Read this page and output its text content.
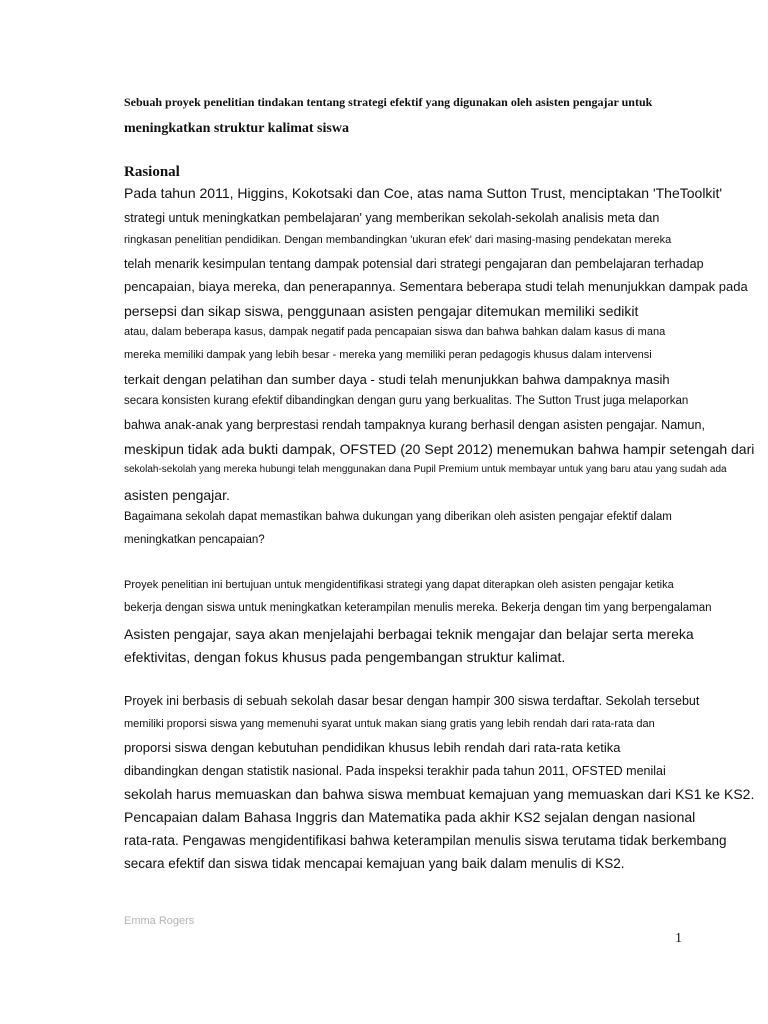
Sebuah proyek penelitian tindakan tentang strategi efektif yang digunakan oleh asisten pengajar untuk

meningkatkan struktur kalimat siswa

Rasional

Pada tahun 2011, Higgins, Kokotsaki dan Coe, atas nama Sutton Trust, menciptakan 'TheToolkit'

strategi untuk meningkatkan pembelajaran' yang memberikan sekolah-sekolah analisis meta dan

ringkasan penelitian pendidikan. Dengan membandingkan 'ukuran efek' dari masing-masing pendekatan mereka

telah menarik kesimpulan tentang dampak potensial dari strategi pengajaran dan pembelajaran terhadap

pencapaian, biaya mereka, dan penerapannya. Sementara beberapa studi telah menunjukkan dampak pada

persepsi dan sikap siswa, penggunaan asisten pengajar ditemukan memiliki sedikit

atau, dalam beberapa kasus, dampak negatif pada pencapaian siswa dan bahwa bahkan dalam kasus di mana

mereka memiliki dampak yang lebih besar - mereka yang memiliki peran pedagogis khusus dalam intervensi

terkait dengan pelatihan dan sumber daya - studi telah menunjukkan bahwa dampaknya masih

secara konsisten kurang efektif dibandingkan dengan guru yang berkualitas. The Sutton Trust juga melaporkan

bahwa anak-anak yang berprestasi rendah tampaknya kurang berhasil dengan asisten pengajar. Namun,

meskipun tidak ada bukti dampak, OFSTED (20 Sept 2012) menemukan bahwa hampir setengah dari

sekolah-sekolah yang mereka hubungi telah menggunakan dana Pupil Premium untuk membayar untuk yang baru atau yang sudah ada

asisten pengajar.

Bagaimana sekolah dapat memastikan bahwa dukungan yang diberikan oleh asisten pengajar efektif dalam

meningkatkan pencapaian?

Proyek penelitian ini bertujuan untuk mengidentifikasi strategi yang dapat diterapkan oleh asisten pengajar ketika

bekerja dengan siswa untuk meningkatkan keterampilan menulis mereka. Bekerja dengan tim yang berpengalaman

Asisten pengajar, saya akan menjelajahi berbagai teknik mengajar dan belajar serta mereka

efektivitas, dengan fokus khusus pada pengembangan struktur kalimat.

Proyek ini berbasis di sebuah sekolah dasar besar dengan hampir 300 siswa terdaftar. Sekolah tersebut

memiliki proporsi siswa yang memenuhi syarat untuk makan siang gratis yang lebih rendah dari rata-rata dan

proporsi siswa dengan kebutuhan pendidikan khusus lebih rendah dari rata-rata ketika

dibandingkan dengan statistik nasional. Pada inspeksi terakhir pada tahun 2011, OFSTED menilai

sekolah harus memuaskan dan bahwa siswa membuat kemajuan yang memuaskan dari KS1 ke KS2.

Pencapaian dalam Bahasa Inggris dan Matematika pada akhir KS2 sejalan dengan nasional

rata-rata. Pengawas mengidentifikasi bahwa keterampilan menulis siswa terutama tidak berkembang

secara efektif dan siswa tidak mencapai kemajuan yang baik dalam menulis di KS2.

Emma Rogers

1
